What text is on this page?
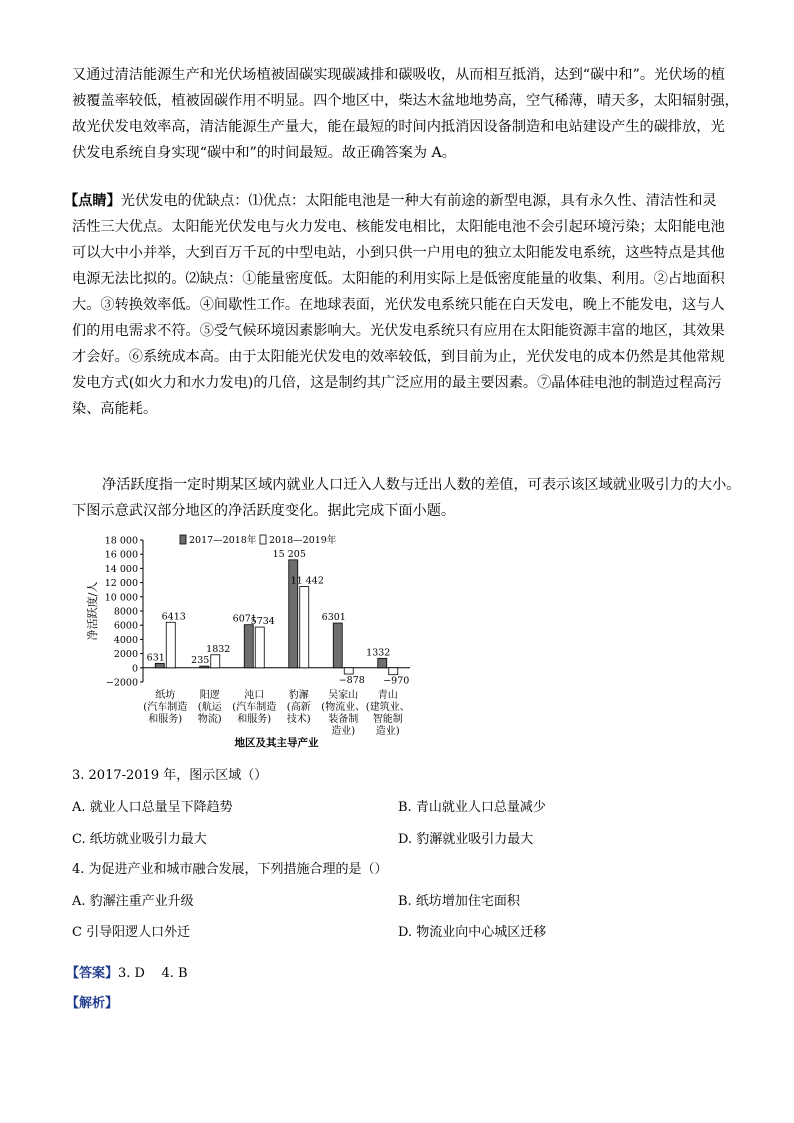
又通过清洁能源生产和光伏场植被固碳实现碳减排和碳吸收，从而相互抵消，达到“碳中和”。光伏场的植
被覆盖率较低，植被固碳作用不明显。四个地区中，柴达木盆地地势高，空气稀薄，晴天多，太阳辐射强，
故光伏发电效率高，清洁能源生产量大，能在最短的时间内抵消因设备制造和电站建设产生的碳排放，光
伏发电系统自身实现“碳中和”的时间最短。故正确答案为 A。
【点睛】光伏发电的优缺点：⑴优点：太阳能电池是一种大有前途的新型电源，具有永久性、清洁性和灵
活性三大优点。太阳能光伏发电与火力发电、核能发电相比，太阳能电池不会引起环境污染；太阳能电池
可以大中小并举，大到百万千瓦的中型电站，小到只供一户用电的独立太阳能发电系统，这些特点是其他
电源无法比拟的。⑵缺点：①能量密度低。太阳能的利用实际上是低密度能量的收集、利用。②占地面积
大。③转换效率低。④间歇性工作。在地球表面，光伏发电系统只能在白天发电，晚上不能发电，这与人
们的用电需求不符。⑤受气候环境因素影响大。光伏发电系统只有应用在太阳能资源丰富的地区，其效果
才会好。⑥系统成本高。由于太阳能光伏发电的效率较低，到目前为止，光伏发电的成本仍然是其他常规
发电方式(如火力和水力发电)的几倍，这是制约其广泛应用的最主要因素。⑦晶体硅电池的制造过程高污
染、高能耗。
净活跃度指一定时期某区域内就业人口迁入人数与迁出人数的差值，可表示该区域就业吸引力的大小。
下图示意武汉部分地区的净活跃度变化。据此完成下面小题。
18 000
16 000
14 000
12 000
10 000
8000
6000
4000
2000
0
−2000
净活跃度/人
2017—2018年 2018—2019年
631
6413
纸坊
(汽车制造
和服务)
235
1832
阳逻
(航运
物流)
6071
5734
沌口
(汽车制造
和服务)
15 205
11 442
豹澥
(高新
技术)
6301
−878
吴家山
(物流业、
装备制
造业)
1332
−970
青山
(建筑业、
智能制
造业)
地区及其主导产业
3. 2017-2019 年，图示区域（）
A. 就业人口总量呈下降趋势	B. 青山就业人口总量减少
C. 纸坊就业吸引力最大	D. 豹澥就业吸引力最大
4. 为促进产业和城市融合发展，下列措施合理的是（）
A. 豹澥注重产业升级	B. 纸坊增加住宅面积
C 引导阳逻人口外迁	D. 物流业向中心城区迁移
【答案】3. D    4. B
【解析】
